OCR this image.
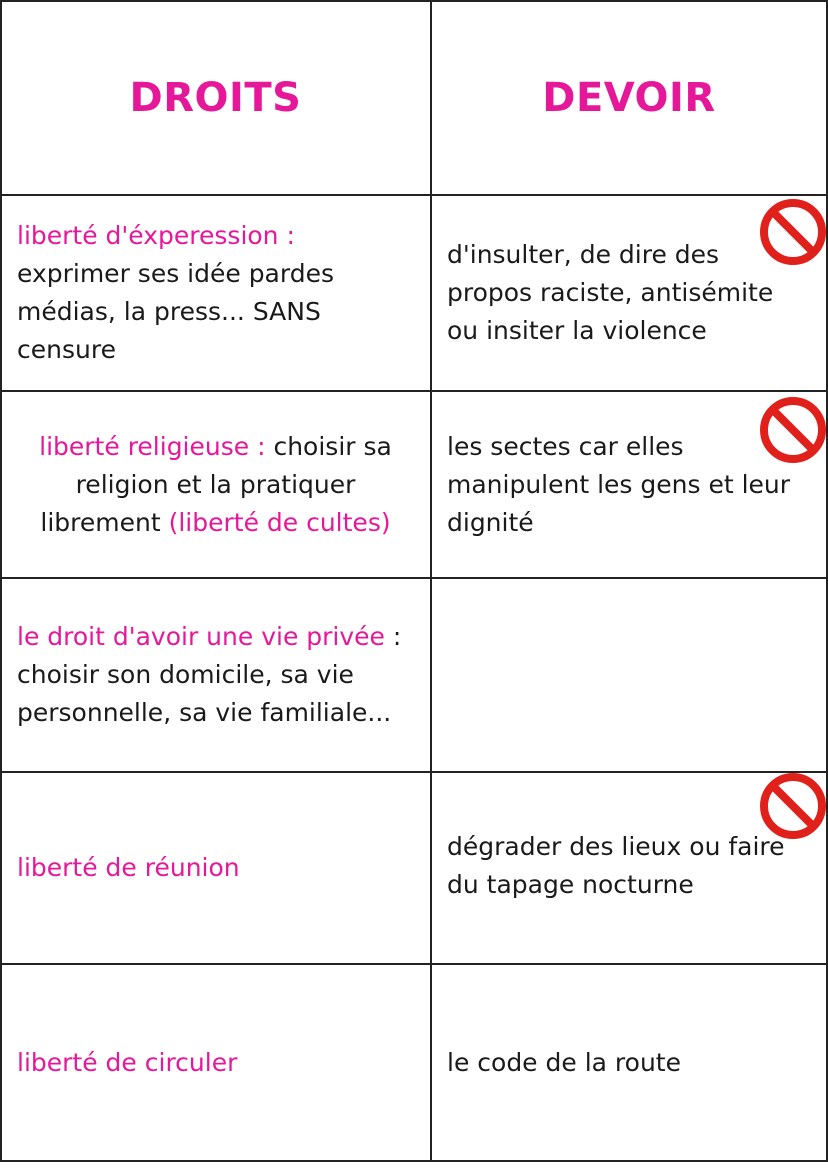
DROITS	DEVOIR
liberté d'éxperession : exprimer ses idée pardes médias, la press... SANS censure
d'insulter, de dire des propos raciste, antisémite ou insiter la violence
liberté religieuse : choisir sa religion et la pratiquer librement (liberté de cultes)
les sectes car elles manipulent les gens et leur dignité
le droit d'avoir une vie privée : choisir son domicile, sa vie personnelle, sa vie familiale...
liberté de réunion
dégrader des lieux ou faire du tapage nocturne
liberté de circuler	le code de la route
